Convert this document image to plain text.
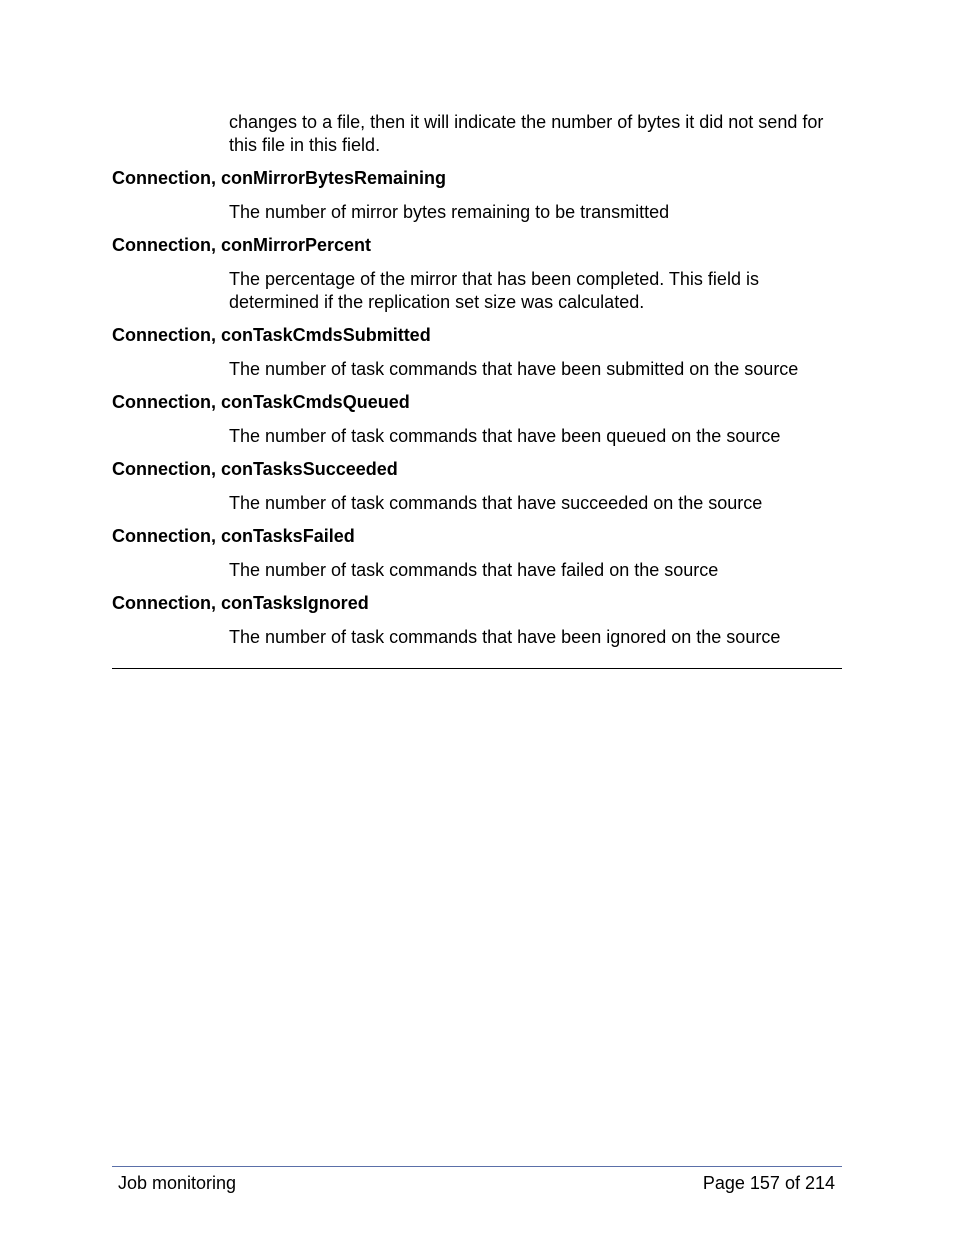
changes to a file, then it will indicate the number of bytes it did not send for this file in this field.

Connection, conMirrorBytesRemaining
The number of mirror bytes remaining to be transmitted
Connection, conMirrorPercent
The percentage of the mirror that has been completed. This field is determined if the replication set size was calculated.
Connection, conTaskCmdsSubmitted
The number of task commands that have been submitted on the source
Connection, conTaskCmdsQueued
The number of task commands that have been queued on the source
Connection, conTasksSucceeded
The number of task commands that have succeeded on the source
Connection, conTasksFailed
The number of task commands that have failed on the source
Connection, conTasksIgnored
The number of task commands that have been ignored on the source
Job monitoring	Page 157 of 214
